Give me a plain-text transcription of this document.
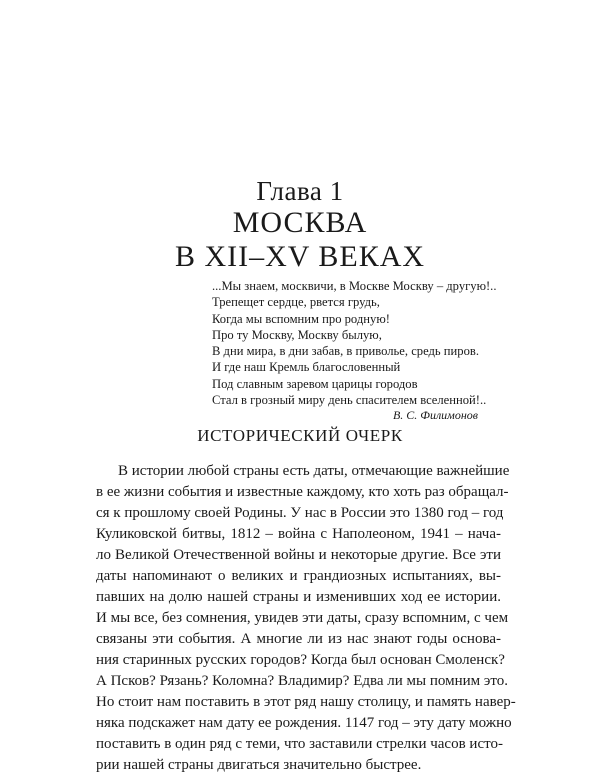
Глава 1
МОСКВА
В XII–XV ВЕКАХ
...Мы знаем, москвичи, в Москве Москву – другую!..
Трепещет сердце, рвется грудь,
Когда мы вспомним про родную!
Про ту Москву, Москву былую,
В дни мира, в дни забав, в приволье, средь пиров.
И где наш Кремль благословенный
Под славным заревом царицы городов
Стал в грозный миру день спасителем вселенной!..
В. С. Филимонов
ИСТОРИЧЕСКИЙ ОЧЕРК
В истории любой страны есть даты, отмечающие важнейшие
в ее жизни события и известные каждому, кто хоть раз обращал-
ся к прошлому своей Родины. У нас в России это 1380 год – год
Куликовской битвы, 1812 – война с Наполеоном, 1941 – нача-
ло Великой Отечественной войны и некоторые другие. Все эти
даты напоминают о великих и грандиозных испытаниях, вы-
павших на долю нашей страны и изменивших ход ее истории.
И мы все, без сомнения, увидев эти даты, сразу вспомним, с чем
связаны эти события. А многие ли из нас знают годы основа-
ния старинных русских городов? Когда был основан Смоленск?
А Псков? Рязань? Коломна? Владимир? Едва ли мы помним это.
Но стоит нам поставить в этот ряд нашу столицу, и память навер-
няка подскажет нам дату ее рождения. 1147 год – эту дату можно
поставить в один ряд с теми, что заставили стрелки часов исто-
рии нашей страны двигаться значительно быстрее.
